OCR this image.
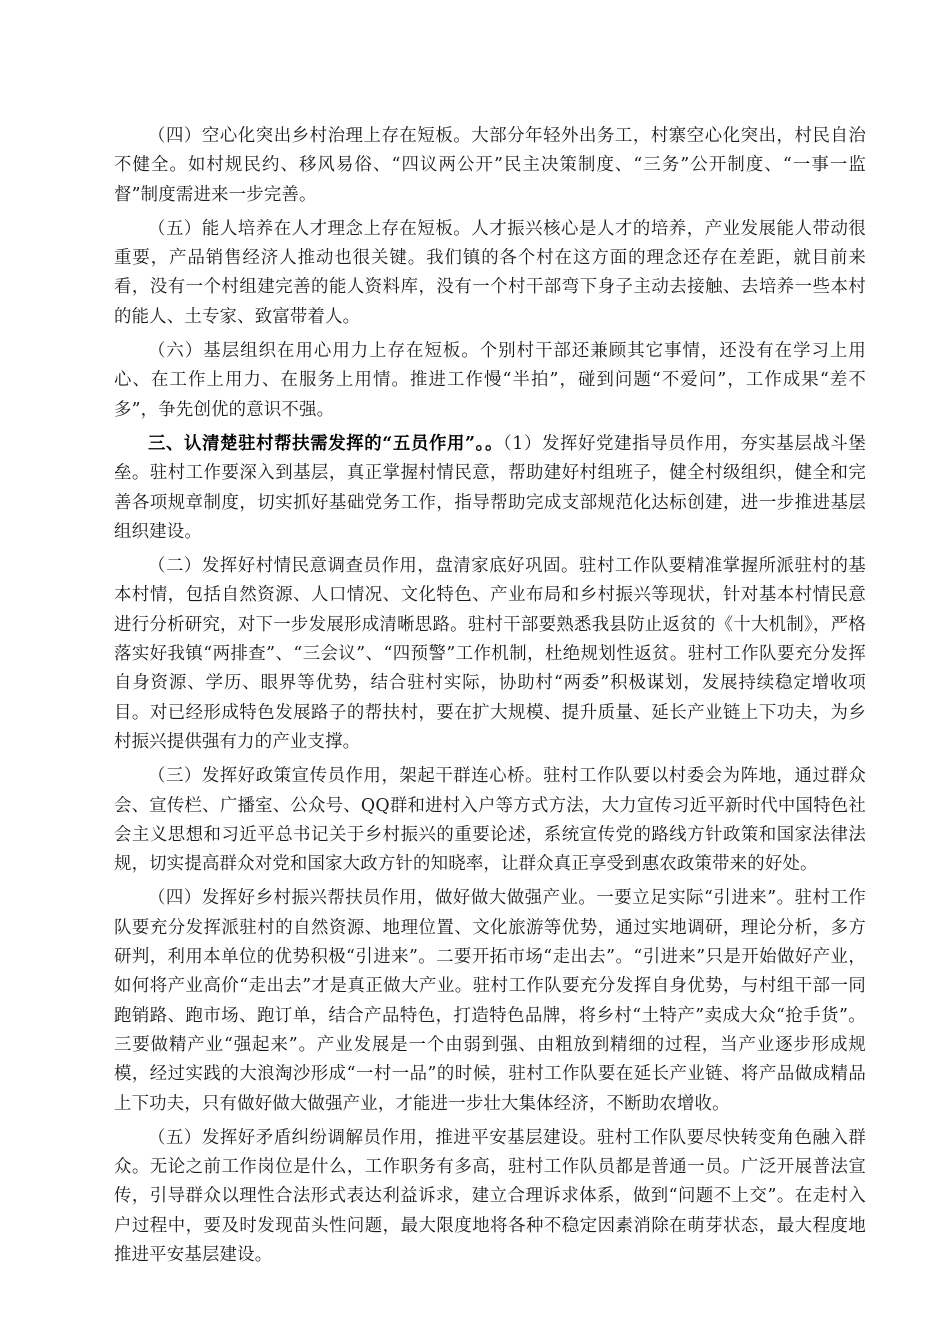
（四）空心化突出乡村治理上存在短板。大部分年轻外出务工，村寨空心化突出，村民自治不健全。如村规民约、移风易俗、“四议两公开”民主决策制度、“三务”公开制度、“一事一监督”制度需进来一步完善。

（五）能人培养在人才理念上存在短板。人才振兴核心是人才的培养，产业发展能人带动很重要，产品销售经济人推动也很关键。我们镇的各个村在这方面的理念还存在差距，就目前来看，没有一个村组建完善的能人资料库，没有一个村干部弯下身子主动去接触、去培养一些本村的能人、土专家、致富带着人。

（六）基层组织在用心用力上存在短板。个别村干部还兼顾其它事情，还没有在学习上用心、在工作上用力、在服务上用情。推进工作慢“半拍”，碰到问题“不爱问”，工作成果“差不多”，争先创优的意识不强。

三、认清楚驻村帮扶需发挥的“五员作用”。。（1）发挥好党建指导员作用，夯实基层战斗堡垒。驻村工作要深入到基层，真正掌握村情民意，帮助建好村组班子，健全村级组织，健全和完善各项规章制度，切实抓好基础党务工作，指导帮助完成支部规范化达标创建，进一步推进基层组织建设。

（二）发挥好村情民意调查员作用，盘清家底好巩固。驻村工作队要精准掌握所派驻村的基本村情，包括自然资源、人口情况、文化特色、产业布局和乡村振兴等现状，针对基本村情民意进行分析研究，对下一步发展形成清晰思路。驻村干部要熟悉我县防止返贫的《十大机制》，严格落实好我镇“两排查”、“三会议”、“四预警”工作机制，杜绝规划性返贫。驻村工作队要充分发挥自身资源、学历、眼界等优势，结合驻村实际，协助村“两委”积极谋划，发展持续稳定增收项目。对已经形成特色发展路子的帮扶村，要在扩大规模、提升质量、延长产业链上下功夫，为乡村振兴提供强有力的产业支撑。

（三）发挥好政策宣传员作用，架起干群连心桥。驻村工作队要以村委会为阵地，通过群众会、宣传栏、广播室、公众号、QQ群和进村入户等方式方法，大力宣传习近平新时代中国特色社会主义思想和习近平总书记关于乡村振兴的重要论述，系统宣传党的路线方针政策和国家法律法规，切实提高群众对党和国家大政方针的知晓率，让群众真正享受到惠农政策带来的好处。

（四）发挥好乡村振兴帮扶员作用，做好做大做强产业。一要立足实际“引进来”。驻村工作队要充分发挥派驻村的自然资源、地理位置、文化旅游等优势，通过实地调研，理论分析，多方研判，利用本单位的优势积极“引进来”。二要开拓市场“走出去”。“引进来”只是开始做好产业，如何将产业高价“走出去”才是真正做大产业。驻村工作队要充分发挥自身优势，与村组干部一同跑销路、跑市场、跑订单，结合产品特色，打造特色品牌，将乡村“土特产”卖成大众“抢手货”。三要做精产业“强起来”。产业发展是一个由弱到强、由粗放到精细的过程，当产业逐步形成规模，经过实践的大浪淘沙形成“一村一品”的时候，驻村工作队要在延长产业链、将产品做成精品上下功夫，只有做好做大做强产业，才能进一步壮大集体经济，不断助农增收。

（五）发挥好矛盾纠纷调解员作用，推进平安基层建设。驻村工作队要尽快转变角色融入群众。无论之前工作岗位是什么，工作职务有多高，驻村工作队员都是普通一员。广泛开展普法宣传，引导群众以理性合法形式表达利益诉求，建立合理诉求体系，做到“问题不上交”。在走村入户过程中，要及时发现苗头性问题，最大限度地将各种不稳定因素消除在萌芽状态，最大程度地推进平安基层建设。
